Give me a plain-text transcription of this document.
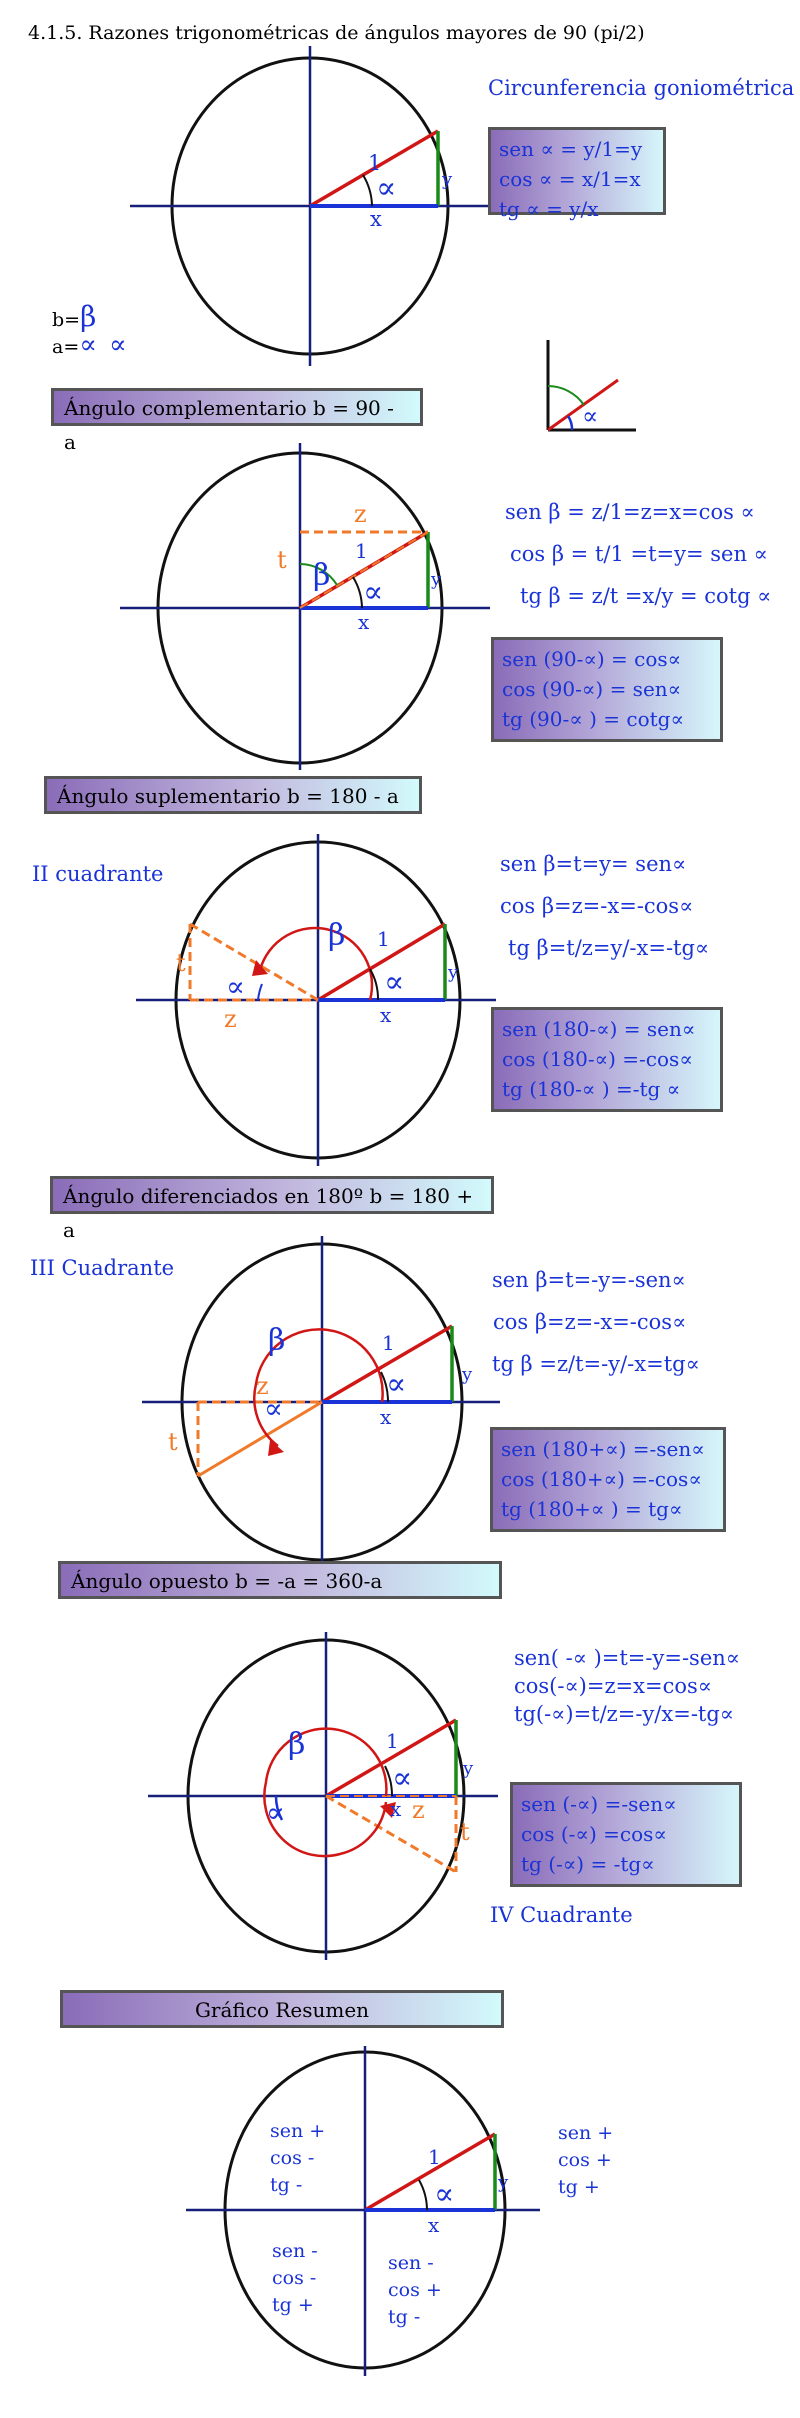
4.1.5. Razones trigonométricas de ángulos mayores de 90 (pi/2)
1
y
x
∝
Circunferencia goniométrica
sen ∝ = y/1=y
cos ∝ = x/1=x
tg ∝ = y/x
b=β
a=∝ ∝
∝
Ángulo complementario b = 90 - a
z
t β
1
y
x
∝
sen β = z/1=z=x=cos ∝
cos β = t/1 =t=y= sen ∝
tg β = z/t =x/y = cotg ∝
sen (90-∝) = cos∝
cos (90-∝) = sen∝
tg (90-∝ ) = cotg∝
Ángulo suplementario b = 180 - a
II cuadrante
β 1
y
x
∝
∝
t
z
sen β=t=y= sen∝
cos β=z=-x=-cos∝
tg β=t/z=y/-x=-tg∝
sen (180-∝) = sen∝
cos (180-∝) =-cos∝
tg (180-∝ ) =-tg ∝
Ángulo diferenciados en 180º b = 180 + a
III Cuadrante
β	1
y
x
∝
∝
z
t
sen β=t=-y=-sen∝
cos β=z=-x=-cos∝
tg β =z/t=-y/-x=tg∝
sen (180+∝) =-sen∝
cos (180+∝) =-cos∝
tg (180+∝ ) = tg∝
Ángulo opuesto b = -a = 360-a
β	1
y
x
∝
∝	z
t
sen( -∝ )=t=-y=-sen∝
cos(-∝)=z=x=cos∝
tg(-∝)=t/z=-y/x=-tg∝
sen (-∝) =-sen∝
cos (-∝) =cos∝
tg (-∝) = -tg∝
IV Cuadrante
Gráfico Resumen
1
y
x
∝
sen +
cos -
tg -
sen +
cos +
tg +
sen -
cos -
tg +
sen -
cos +
tg -
